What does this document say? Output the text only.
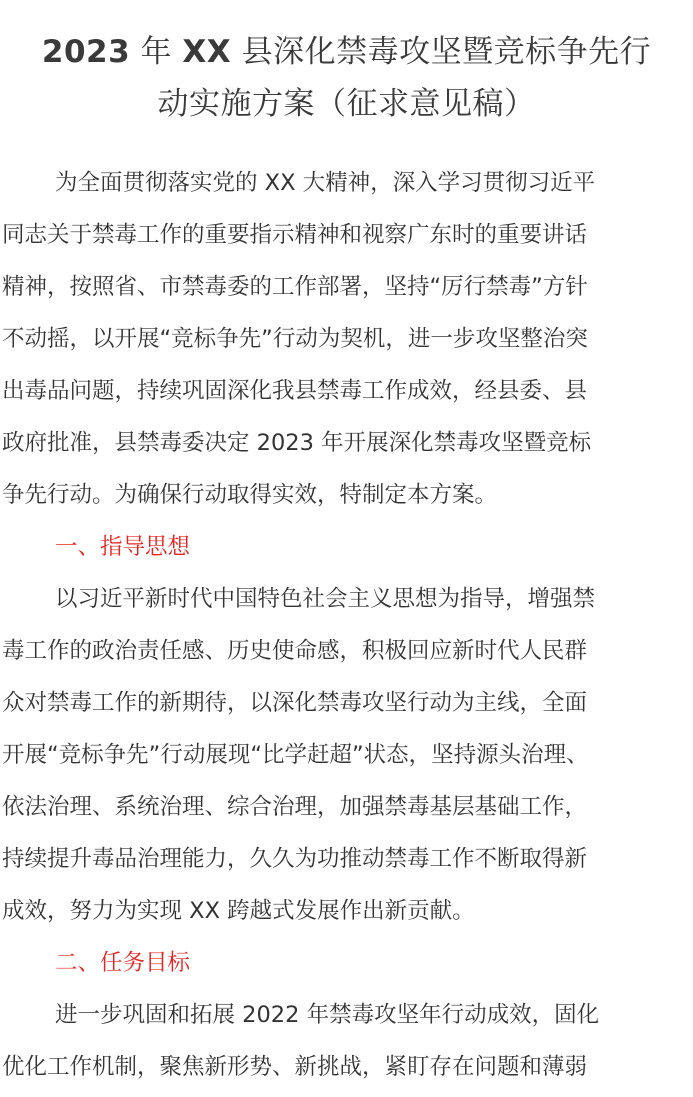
2023 年 XX 县深化禁毒攻坚暨竞标争先行
动实施方案（征求意见稿）
为全面贯彻落实党的 XX 大精神，深入学习贯彻习近平
同志关于禁毒工作的重要指示精神和视察广东时的重要讲话
精神，按照省、市禁毒委的工作部署，坚持“厉行禁毒”方针
不动摇，以开展“竞标争先”行动为契机，进一步攻坚整治突
出毒品问题，持续巩固深化我县禁毒工作成效，经县委、县
政府批准，县禁毒委决定 2023 年开展深化禁毒攻坚暨竞标
争先行动。为确保行动取得实效，特制定本方案。
一、指导思想
以习近平新时代中国特色社会主义思想为指导，增强禁
毒工作的政治责任感、历史使命感，积极回应新时代人民群
众对禁毒工作的新期待，以深化禁毒攻坚行动为主线，全面
开展“竞标争先”行动展现“比学赶超”状态，坚持源头治理、
依法治理、系统治理、综合治理，加强禁毒基层基础工作，
持续提升毒品治理能力，久久为功推动禁毒工作不断取得新
成效，努力为实现 XX 跨越式发展作出新贡献。
二、任务目标
进一步巩固和拓展 2022 年禁毒攻坚年行动成效，固化
优化工作机制，聚焦新形势、新挑战，紧盯存在问题和薄弱
